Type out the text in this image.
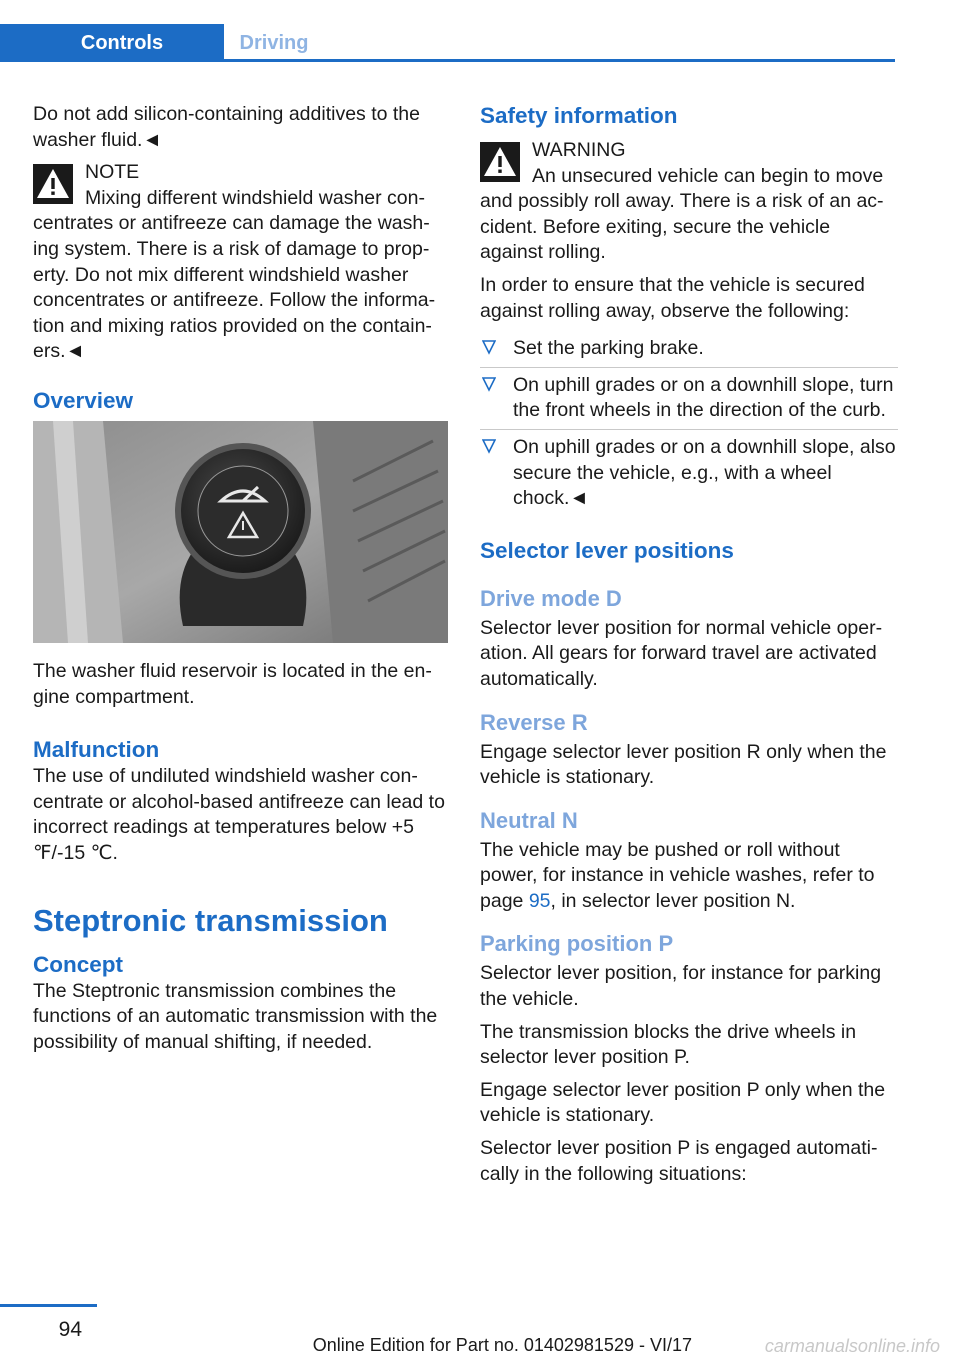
Controls	Driving

Do not add silicon-containing additives to the washer fluid.◄

NOTE

Mixing different windshield washer concentrates or antifreeze can damage the washing system. There is a risk of damage to property. Do not mix different windshield washer concentrates or antifreeze. Follow the information and mixing ratios provided on the containers.◄

Overview

The washer fluid reservoir is located in the engine compartment.

Malfunction

The use of undiluted windshield washer concentrate or alcohol-based antifreeze can lead to incorrect readings at temperatures below +5 ℉/-15 ℃.

Steptronic transmission
Concept

The Steptronic transmission combines the functions of an automatic transmission with the possibility of manual shifting, if needed.

Safety information
WARNING

An unsecured vehicle can begin to move and possibly roll away. There is a risk of an accident. Before exiting, secure the vehicle against rolling.

In order to ensure that the vehicle is secured against rolling away, observe the following:

Set the parking brake.
On uphill grades or on a downhill slope, turn the front wheels in the direction of the curb.
On uphill grades or on a downhill slope, also secure the vehicle, e.g., with a wheel chock.◄
Selector lever positions
Drive mode D

Selector lever position for normal vehicle operation. All gears for forward travel are activated automatically.

Reverse R

Engage selector lever position R only when the vehicle is stationary.

Neutral N

The vehicle may be pushed or roll without power, for instance in vehicle washes, refer to page 95, in selector lever position N.

Parking position P

Selector lever position, for instance for parking the vehicle.

The transmission blocks the drive wheels in selector lever position P.

Engage selector lever position P only when the vehicle is stationary.

Selector lever position P is engaged automatically in the following situations:

94
Online Edition for Part no. 01402981529 - VI/17	carmanualsonline.info
